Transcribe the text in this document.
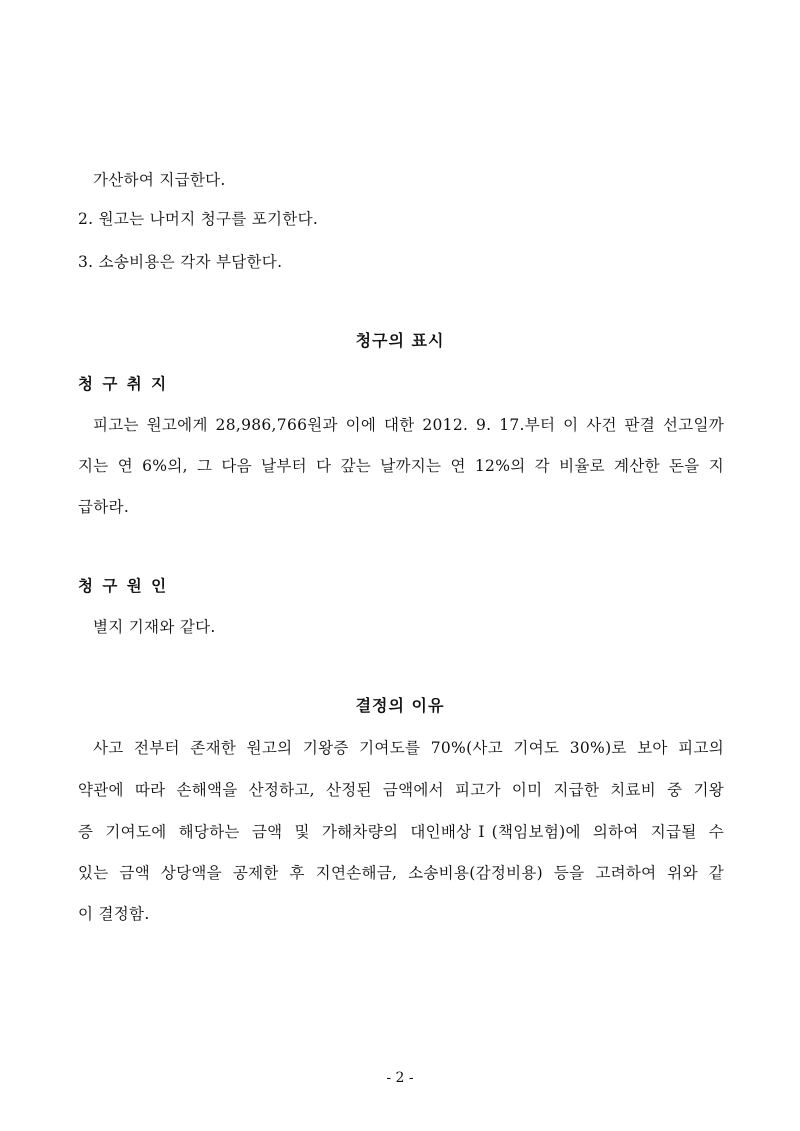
가산하여 지급한다.
2. 원고는 나머지 청구를 포기한다.
3. 소송비용은 각자 부담한다.
청구의 표시
청 구 취 지
피고는 원고에게 28,986,766원과 이에 대한 2012. 9. 17.부터 이 사건 판결 선고일까
지는 연 6%의, 그 다음 날부터 다 갚는 날까지는 연 12%의 각 비율로 계산한 돈을 지
급하라.
청 구 원 인
별지 기재와 같다.
결정의 이유
사고 전부터 존재한 원고의 기왕증 기여도를 70%(사고 기여도 30%)로 보아 피고의
약관에 따라 손해액을 산정하고, 산정된 금액에서 피고가 이미 지급한 치료비 중 기왕
증 기여도에 해당하는 금액 및 가해차량의 대인배상Ⅰ(책임보험)에 의하여 지급될 수
있는 금액 상당액을 공제한 후 지연손해금, 소송비용(감정비용) 등을 고려하여 위와 같
이 결정함.
- 2 -
